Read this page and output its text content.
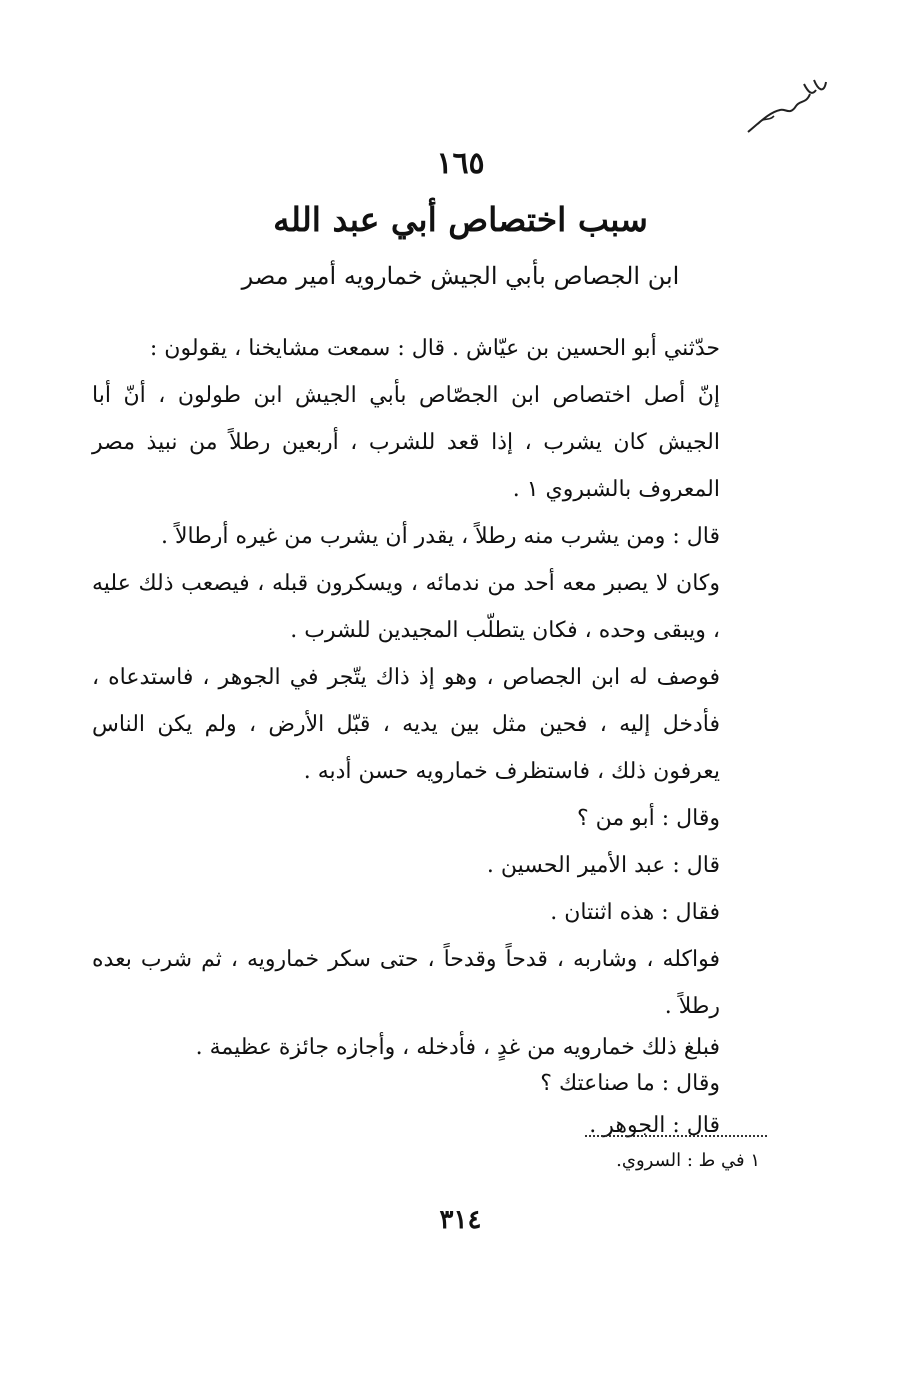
١٦٥
سبب اختصاص أبي عبد الله
ابن الجصاص بأبي الجيش خمارويه أمير مصر

حدّثني أبو الحسين بن عيّاش . قال : سمعت مشايخنا ، يقولون :

إنّ أصل اختصاص ابن الجصّاص بأبي الجيش ابن طولون ، أنّ أبا الجيش كان يشرب ، إذا قعد للشرب ، أربعين رطلاً من نبيذ مصر المعروف بالشبروي ١ .

قال : ومن يشرب منه رطلاً ، يقدر أن يشرب من غيره أرطالاً .

وكان لا يصبر معه أحد من ندمائه ، ويسكرون قبله ، فيصعب ذلك عليه ، ويبقى وحده ، فكان يتطلّب المجيدين للشرب .

فوصف له ابن الجصاص ، وهو إذ ذاك يتّجر في الجوهر ، فاستدعاه ، فأدخل إليه ، فحين مثل بين يديه ، قبّل الأرض ، ولم يكن الناس يعرفون ذلك ، فاستظرف خمارويه حسن أدبه .

وقال : أبو من ؟

قال : عبد الأمير الحسين .

فقال : هذه اثنتان .

فواكله ، وشاربه ، قدحاً وقدحاً ، حتى سكر خمارويه ، ثم شرب بعده رطلاً .

فبلغ ذلك خمارويه من غدٍ ، فأدخله ، وأجازه جائزة عظيمة .

وقال : ما صناعتك ؟

قال : الجوهر .

١ في ط : السروي.
٣١٤
